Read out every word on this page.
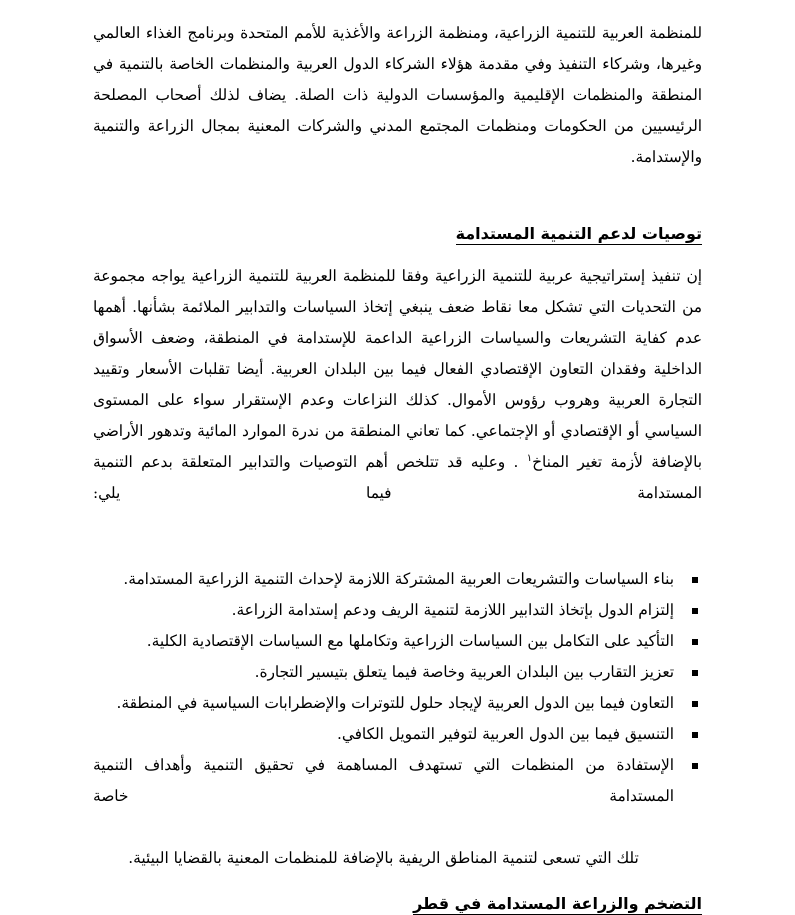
للمنظمة العربية للتنمية الزراعية، ومنظمة الزراعة والأغذية للأمم المتحدة وبرنامج الغذاء العالمي وغيرها، وشركاء التنفيذ وفي مقدمة هؤلاء الشركاء الدول العربية والمنظمات الخاصة بالتنمية في المنطقة والمنظمات الإقليمية والمؤسسات الدولية ذات الصلة. يضاف لذلك أصحاب المصلحة الرئيسيين من الحكومات ومنظمات المجتمع المدني والشركات المعنية بمجال الزراعة والتنمية والإستدامة.

توصيات لدعم التنمية المستدامة

إن تنفيذ إستراتيجية عربية للتنمية الزراعية وفقا للمنظمة العربية للتنمية الزراعية يواجه مجموعة من التحديات التي تشكل معا نقاط ضعف ينبغي إتخاذ السياسات والتدابير الملائمة بشأنها. أهمها عدم كفاية التشريعات والسياسات الزراعية الداعمة للإستدامة في المنطقة، وضعف الأسواق الداخلية وفقدان التعاون الإقتصادي الفعال فيما بين البلدان العربية. أيضا تقلبات الأسعار وتقييد التجارة العربية وهروب رؤوس الأموال. كذلك النزاعات وعدم الإستقرار سواء على المستوى السياسي أو الإقتصادي أو الإجتماعي. كما تعاني المنطقة من ندرة الموارد المائية وتدهور الأراضي بالإضافة لأزمة تغير المناخ$^١$ . وعليه قد تتلخص أهم التوصيات والتدابير المتعلقة بدعم التنمية المستدامة فيما يلي:

بناء السياسات والتشريعات العربية المشتركة اللازمة لإحداث التنمية الزراعية المستدامة.
إلتزام الدول بإتخاذ التدابير اللازمة لتنمية الريف ودعم إستدامة الزراعة.
التأكيد على التكامل بين السياسات الزراعية وتكاملها مع السياسات الإقتصادية الكلية.
تعزيز التقارب بين البلدان العربية وخاصة فيما يتعلق بتيسير التجارة.
التعاون فيما بين الدول العربية لإيجاد حلول للتوترات والإضطرابات السياسية في المنطقة.
التنسيق فيما بين الدول العربية لتوفير التمويل الكافي.
الإستفادة من المنظمات التي تستهدف المساهمة في تحقيق التنمية وأهداف التنمية المستدامة خاصة
تلك التي تسعى لتنمية المناطق الريفية بالإضافة للمنظمات المعنية بالقضايا البيئية.
التضخم والزراعة المستدامة في قطر
